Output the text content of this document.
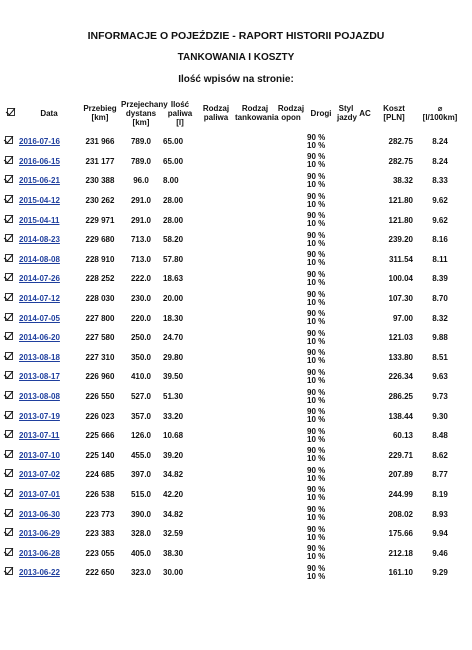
INFORMACJE O POJEŹDZIE - RAPORT HISTORII POJAZDU
TANKOWANIA I KOSZTY
Ilość wpisów na stronie:
	Data	Przebieg [km]	Przejechany dystans [km]	Ilość paliwa [l]	Rodzaj paliwa	Rodzaj tankowania	Rodzaj opon	Drogi	Styl jazdy	AC	Koszt [PLN]	⌀
[l/100km]
	2016-07-16	231 966	789.0	65.00				90 %
10 %			282.75	8.24
	2016-06-15	231 177	789.0	65.00				90 %
10 %			282.75	8.24
	2015-06-21	230 388	96.0	8.00				90 %
10 %			38.32	8.33
	2015-04-12	230 262	291.0	28.00				90 %
10 %			121.80	9.62
	2015-04-11	229 971	291.0	28.00				90 %
10 %			121.80	9.62
	2014-08-23	229 680	713.0	58.20				90 %
10 %			239.20	8.16
	2014-08-08	228 910	713.0	57.80				90 %
10 %			311.54	8.11
	2014-07-26	228 252	222.0	18.63				90 %
10 %			100.04	8.39
	2014-07-12	228 030	230.0	20.00				90 %
10 %			107.30	8.70
	2014-07-05	227 800	220.0	18.30				90 %
10 %			97.00	8.32
	2014-06-20	227 580	250.0	24.70				90 %
10 %			121.03	9.88
	2013-08-18	227 310	350.0	29.80				90 %
10 %			133.80	8.51
	2013-08-17	226 960	410.0	39.50				90 %
10 %			226.34	9.63
	2013-08-08	226 550	527.0	51.30				90 %
10 %			286.25	9.73
	2013-07-19	226 023	357.0	33.20				90 %
10 %			138.44	9.30
	2013-07-11	225 666	126.0	10.68				90 %
10 %			60.13	8.48
	2013-07-10	225 140	455.0	39.20				90 %
10 %			229.71	8.62
	2013-07-02	224 685	397.0	34.82				90 %
10 %			207.89	8.77
	2013-07-01	226 538	515.0	42.20				90 %
10 %			244.99	8.19
	2013-06-30	223 773	390.0	34.82				90 %
10 %			208.02	8.93
	2013-06-29	223 383	328.0	32.59				90 %
10 %			175.66	9.94
	2013-06-28	223 055	405.0	38.30				90 %
10 %			212.18	9.46
	2013-06-22	222 650	323.0	30.00				90 %
10 %			161.10	9.29
